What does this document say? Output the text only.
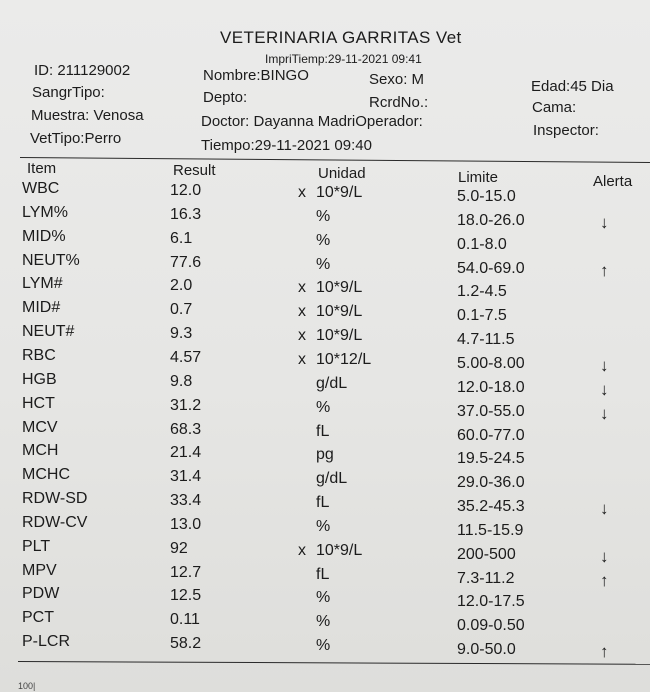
VETERINARIA GARRITAS Vet
ImpriTiemp:29-11-2021 09:41
ID: 211129002
SangrTipo:
Muestra: Venosa
VetTipo:Perro
Nombre:BINGO
Depto:
Doctor: Dayanna MadriOperador:
Tiempo:29-11-2021 09:40
Sexo: M
RcrdNo.:
Edad:45 Dia
Cama:
Inspector:
Item	Result	Unidad	Limite	Alerta
WBC	12.0	x 10*9/L	5.0-15.0
LYM%	16.3	%	18.0-26.0	↓
MID%	6.1	%	0.1-8.0
NEUT%	77.6	%	54.0-69.0	↑
LYM#	2.0	x 10*9/L	1.2-4.5
MID#	0.7	x 10*9/L	0.1-7.5
NEUT#	9.3	x 10*9/L	4.7-11.5
RBC	4.57	x 10*12/L	5.00-8.00	↓
HGB	9.8	g/dL	12.0-18.0	↓
HCT	31.2	%	37.0-55.0	↓
MCV	68.3	fL	60.0-77.0
MCH	21.4	pg	19.5-24.5
MCHC	31.4	g/dL	29.0-36.0
RDW-SD	33.4	fL	35.2-45.3	↓
RDW-CV	13.0	%	11.5-15.9
PLT	92	x 10*9/L	200-500	↓
MPV	12.7	fL	7.3-11.2	↑
PDW	12.5	%	12.0-17.5
PCT	0.11	%	0.09-0.50
P-LCR	58.2	%	9.0-50.0	↑
100|
